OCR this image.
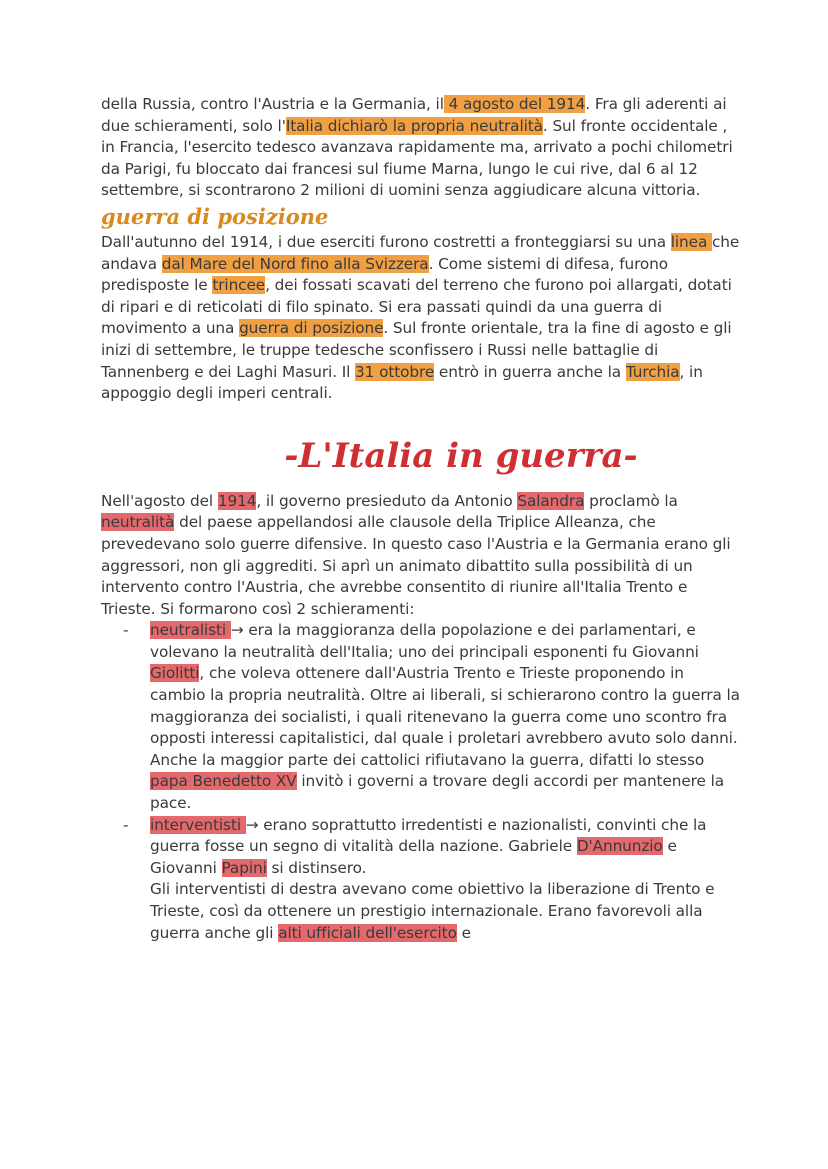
della Russia, contro l'Austria e la Germania, il 4 agosto del 1914. Fra gli aderenti ai due schieramenti, solo l'Italia dichiarò la propria neutralità. Sul fronte occidentale , in Francia, l'esercito tedesco avanzava rapidamente ma, arrivato a pochi chilometri da Parigi, fu bloccato dai francesi sul fiume Marna, lungo le cui rive, dal 6 al 12 settembre, si scontrarono 2 milioni di uomini senza aggiudicare alcuna vittoria.

guerra di posizione

Dall'autunno del 1914, i due eserciti furono costretti a fronteggiarsi su una linea che andava dal Mare del Nord fino alla Svizzera. Come sistemi di difesa, furono predisposte le trincee, dei fossati scavati del terreno che furono poi allargati, dotati di ripari e di reticolati di filo spinato. Si era passati quindi da una guerra di movimento a una guerra di posizione. Sul fronte orientale, tra la fine di agosto e gli inizi di settembre, le truppe tedesche sconfissero i Russi nelle battaglie di Tannenberg e dei Laghi Masuri. Il 31 ottobre entrò in guerra anche la Turchia, in appoggio degli imperi centrali.

-L'Italia in guerra-

Nell'agosto del 1914, il governo presieduto da Antonio Salandra proclamò la neutralità del paese appellandosi alle clausole della Triplice Alleanza, che prevedevano solo guerre difensive. In questo caso l'Austria e la Germania erano gli aggressori, non gli aggrediti. Si aprì un animato dibattito sulla possibilità di un intervento contro l'Austria, che avrebbe consentito di riunire all'Italia Trento e Trieste. Si formarono così 2 schieramenti:

- neutralisti → era la maggioranza della popolazione e dei parlamentari, e volevano la neutralità dell'Italia; uno dei principali esponenti fu Giovanni Giolitti, che voleva ottenere dall'Austria Trento e Trieste proponendo in cambio la propria neutralità. Oltre ai liberali, si schierarono contro la guerra la maggioranza dei socialisti, i quali ritenevano la guerra come uno scontro fra opposti interessi capitalistici, dal quale i proletari avrebbero avuto solo danni. Anche la maggior parte dei cattolici rifiutavano la guerra, difatti lo stesso papa Benedetto XV invitò i governi a trovare degli accordi per mantenere la pace.
- interventisti → erano soprattutto irredentisti e nazionalisti, convinti che la guerra fosse un segno di vitalità della nazione. Gabriele D'Annunzio e Giovanni Papini si distinsero.
Gli interventisti di destra avevano come obiettivo la liberazione di Trento e Trieste, così da ottenere un prestigio internazionale. Erano favorevoli alla guerra anche gli alti ufficiali dell'esercito e
